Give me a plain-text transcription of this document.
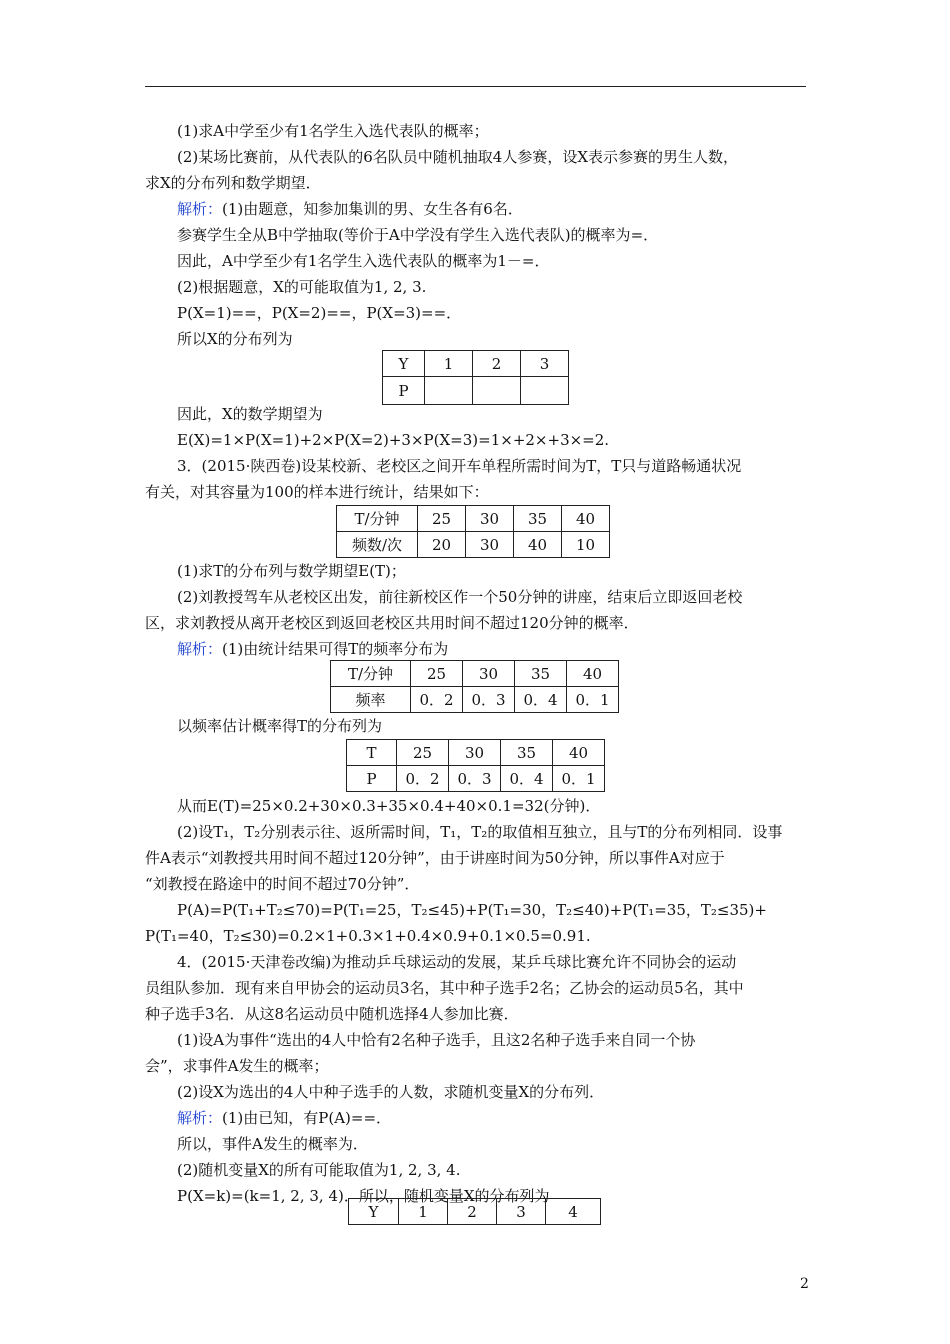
(1)求A中学至少有1名学生入选代表队的概率；
(2)某场比赛前，从代表队的6名队员中随机抽取4人参赛，设X表示参赛的男生人数，
求X的分布列和数学期望．
解析：(1)由题意，知参加集训的男、女生各有6名．
参赛学生全从B中学抽取(等价于A中学没有学生入选代表队)的概率为=．
因此，A中学至少有1名学生入选代表队的概率为1－=．
(2)根据题意，X的可能取值为1, 2, 3.
P(X=1)==，P(X=2)==，P(X=3)==．
所以X的分布列为
Y	1	2	3
P			
因此，X的数学期望为
E(X)=1×P(X=1)+2×P(X=2)+3×P(X=3)=1×+2×+3×=2.
3．(2015·陕西卷)设某校新、老校区之间开车单程所需时间为T，T只与道路畅通状况
有关，对其容量为100的样本进行统计，结果如下：
T/分钟	25	30	35	40
频数/次	20	30	40	10
(1)求T的分布列与数学期望E(T)；
(2)刘教授驾车从老校区出发，前往新校区作一个50分钟的讲座，结束后立即返回老校
区，求刘教授从离开老校区到返回老校区共用时间不超过120分钟的概率．
解析：(1)由统计结果可得T的频率分布为
T/分钟	25	30	35	40
频率	0．2	0．3	0．4	0．1
以频率估计概率得T的分布列为
T	25	30	35	40
P	0．2	0．3	0．4	0．1
从而E(T)=25×0.2+30×0.3+35×0.4+40×0.1=32(分钟)．
(2)设T₁，T₂分别表示往、返所需时间，T₁，T₂的取值相互独立，且与T的分布列相同．设事
件A表示“刘教授共用时间不超过120分钟”，由于讲座时间为50分钟，所以事件A对应于
“刘教授在路途中的时间不超过70分钟”．
P(A)=P(T₁+T₂≤70)=P(T₁=25，T₂≤45)+P(T₁=30，T₂≤40)+P(T₁=35，T₂≤35)+
P(T₁=40，T₂≤30)=0.2×1+0.3×1+0.4×0.9+0.1×0.5=0.91.
4．(2015·天津卷改编)为推动乒乓球运动的发展，某乒乓球比赛允许不同协会的运动
员组队参加．现有来自甲协会的运动员3名，其中种子选手2名；乙协会的运动员5名，其中
种子选手3名．从这8名运动员中随机选择4人参加比赛．
(1)设A为事件“选出的4人中恰有2名种子选手，且这2名种子选手来自同一个协
会”，求事件A发生的概率；
(2)设X为选出的4人中种子选手的人数，求随机变量X的分布列．
解析：(1)由已知，有P(A)==．
所以，事件A发生的概率为．
(2)随机变量X的所有可能取值为1, 2, 3, 4.
P(X=k)=(k=1, 2, 3, 4)．所以，随机变量X的分布列为
Y	1	2	3	4
2
